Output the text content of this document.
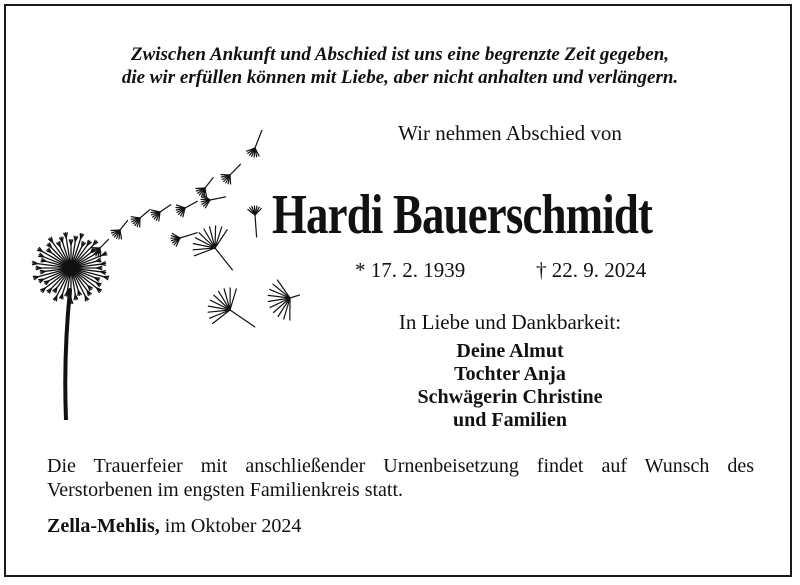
Zwischen Ankunft und Abschied ist uns eine begrenzte Zeit gegeben,
die wir erfüllen können mit Liebe, aber nicht anhalten und verlängern.
Wir nehmen Abschied von
Hardi Bauerschmidt
* 17. 2. 1939	† 22. 9. 2024
In Liebe und Dankbarkeit:
Deine Almut
Tochter Anja
Schwägerin Christine
und Familien
Die Trauerfeier mit anschließender Urnenbeisetzung findet auf Wunsch des Verstorbenen im engsten Familienkreis statt.
Zella-Mehlis, im Oktober 2024
